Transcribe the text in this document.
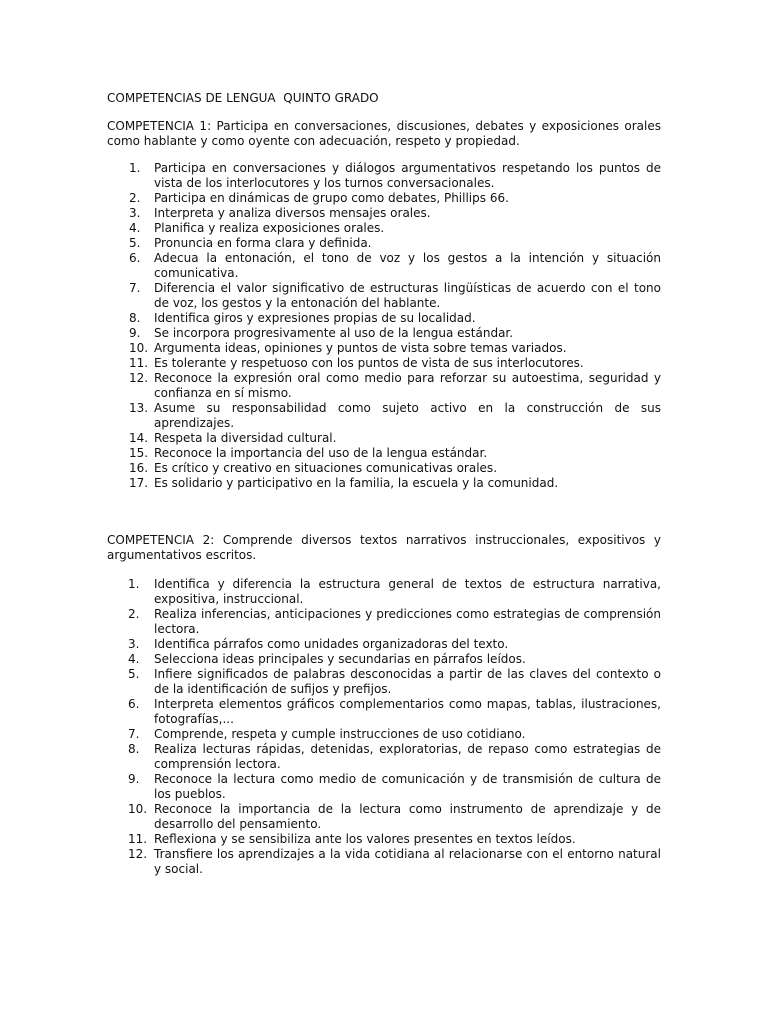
COMPETENCIAS DE LENGUA  QUINTO GRADO

COMPETENCIA 1: Participa en conversaciones, discusiones, debates y exposiciones orales como hablante y como oyente con adecuación, respeto y propiedad.

1. Participa en conversaciones y diálogos argumentativos respetando los puntos de vista de los interlocutores y los turnos conversacionales.
2. Participa en dinámicas de grupo como debates, Phillips 66.
3. Interpreta y analiza diversos mensajes orales.
4. Planifica y realiza exposiciones orales.
5. Pronuncia en forma clara y definida.
6. Adecua la entonación, el tono de voz y los gestos a la intención y situación comunicativa.
7. Diferencia el valor significativo de estructuras lingüísticas de acuerdo con el tono de voz, los gestos y la entonación del hablante.
8. Identifica giros y expresiones propias de su localidad.
9. Se incorpora progresivamente al uso de la lengua estándar.
10. Argumenta ideas, opiniones y puntos de vista sobre temas variados.
11. Es tolerante y respetuoso con los puntos de vista de sus interlocutores.
12. Reconoce la expresión oral como medio para reforzar su autoestima, seguridad y confianza en sí mismo.
13. Asume su responsabilidad como sujeto activo en la construcción de sus aprendizajes.
14. Respeta la diversidad cultural.
15. Reconoce la importancia del uso de la lengua estándar.
16. Es crítico y creativo en situaciones comunicativas orales.
17. Es solidario y participativo en la familia, la escuela y la comunidad.

COMPETENCIA 2: Comprende diversos textos narrativos instruccionales, expositivos y argumentativos escritos.

1. Identifica y diferencia la estructura general de textos de estructura narrativa, expositiva, instruccional.
2. Realiza inferencias, anticipaciones y predicciones como estrategias de comprensión lectora.
3. Identifica párrafos como unidades organizadoras del texto.
4. Selecciona ideas principales y secundarias en párrafos leídos.
5. Infiere significados de palabras desconocidas a partir de las claves del contexto o de la identificación de sufijos y prefijos.
6. Interpreta elementos gráficos complementarios como mapas, tablas, ilustraciones, fotografías,...
7. Comprende, respeta y cumple instrucciones de uso cotidiano.
8. Realiza lecturas rápidas, detenidas, exploratorias, de repaso como estrategias de comprensión lectora.
9. Reconoce la lectura como medio de comunicación y de transmisión de cultura de los pueblos.
10. Reconoce la importancia de la lectura como instrumento de aprendizaje y de desarrollo del pensamiento.
11. Reflexiona y se sensibiliza ante los valores presentes en textos leídos.
12. Transfiere los aprendizajes a la vida cotidiana al relacionarse con el entorno natural y social.
